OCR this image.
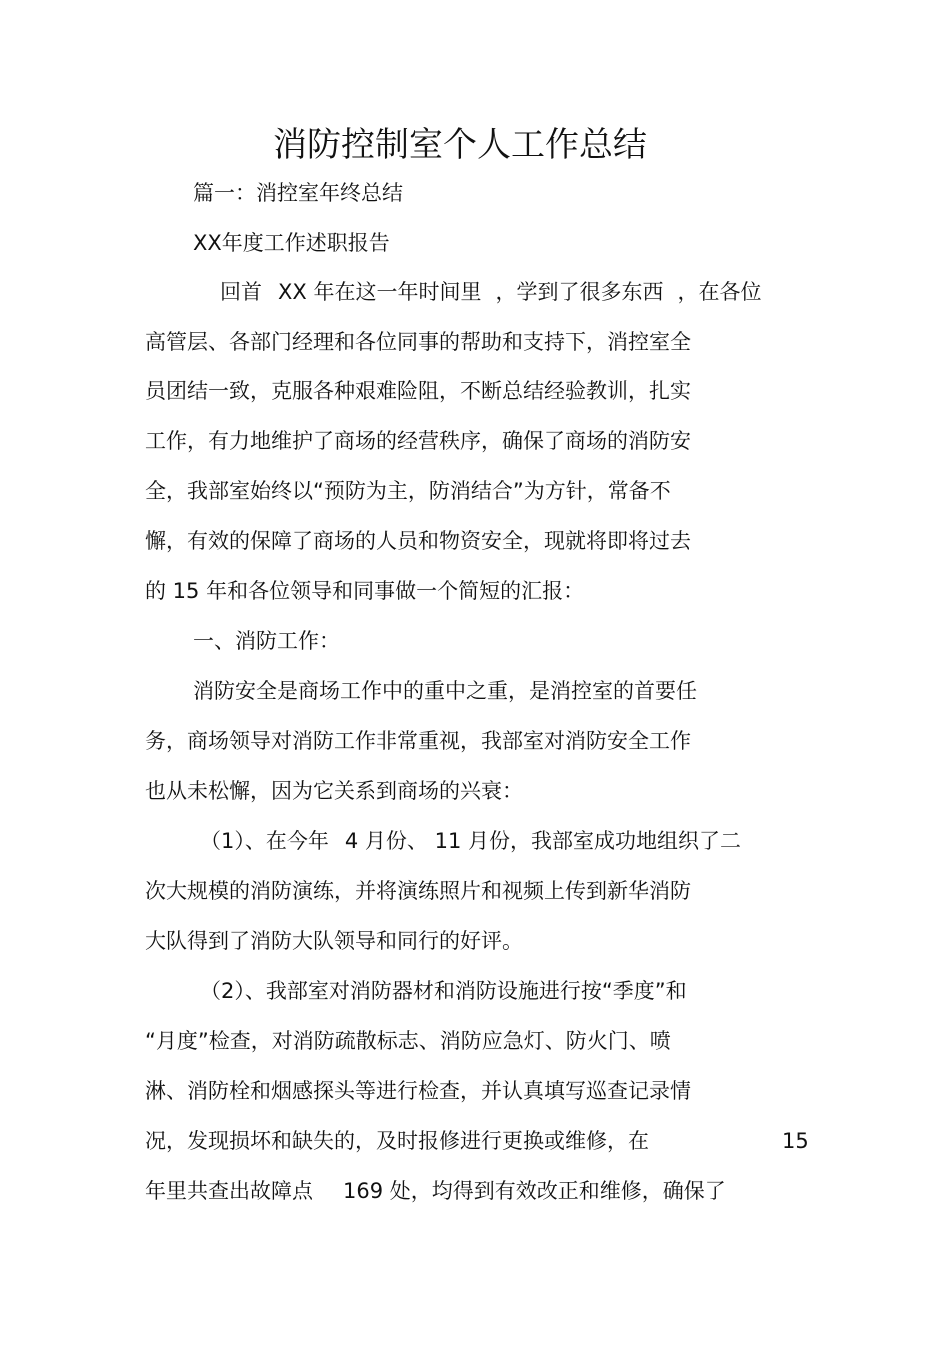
消防控制室个人工作总结
篇一：消控室年终总结
XX年度工作述职报告
回首 XX 年在这一年时间里 ，学到了很多东西 ，在各位
高管层、各部门经理和各位同事的帮助和支持下，消控室全
员团结一致，克服各种艰难险阻，不断总结经验教训，扎实
工作，有力地维护了商场的经营秩序，确保了商场的消防安
全，我部室始终以“预防为主，防消结合”为方针，常备不
懈，有效的保障了商场的人员和物资安全，现就将即将过去
的 15 年和各位领导和同事做一个简短的汇报：
一、消防工作：
消防安全是商场工作中的重中之重，是消控室的首要任
务，商场领导对消防工作非常重视，我部室对消防安全工作
也从未松懈，因为它关系到商场的兴衰：
（1）、在今年 4 月份、 11 月份，我部室成功地组织了二
次大规模的消防演练，并将演练照片和视频上传到新华消防
大队得到了消防大队领导和同行的好评。
（2）、我部室对消防器材和消防设施进行按“季度”和
“月度”检查，对消防疏散标志、消防应急灯、防火门、喷
淋、消防栓和烟感探头等进行检查，并认真填写巡查记录情
况，发现损坏和缺失的，及时报修进行更换或维修，在	15
年里共查出故障点 169 处，均得到有效改正和维修，确保了
